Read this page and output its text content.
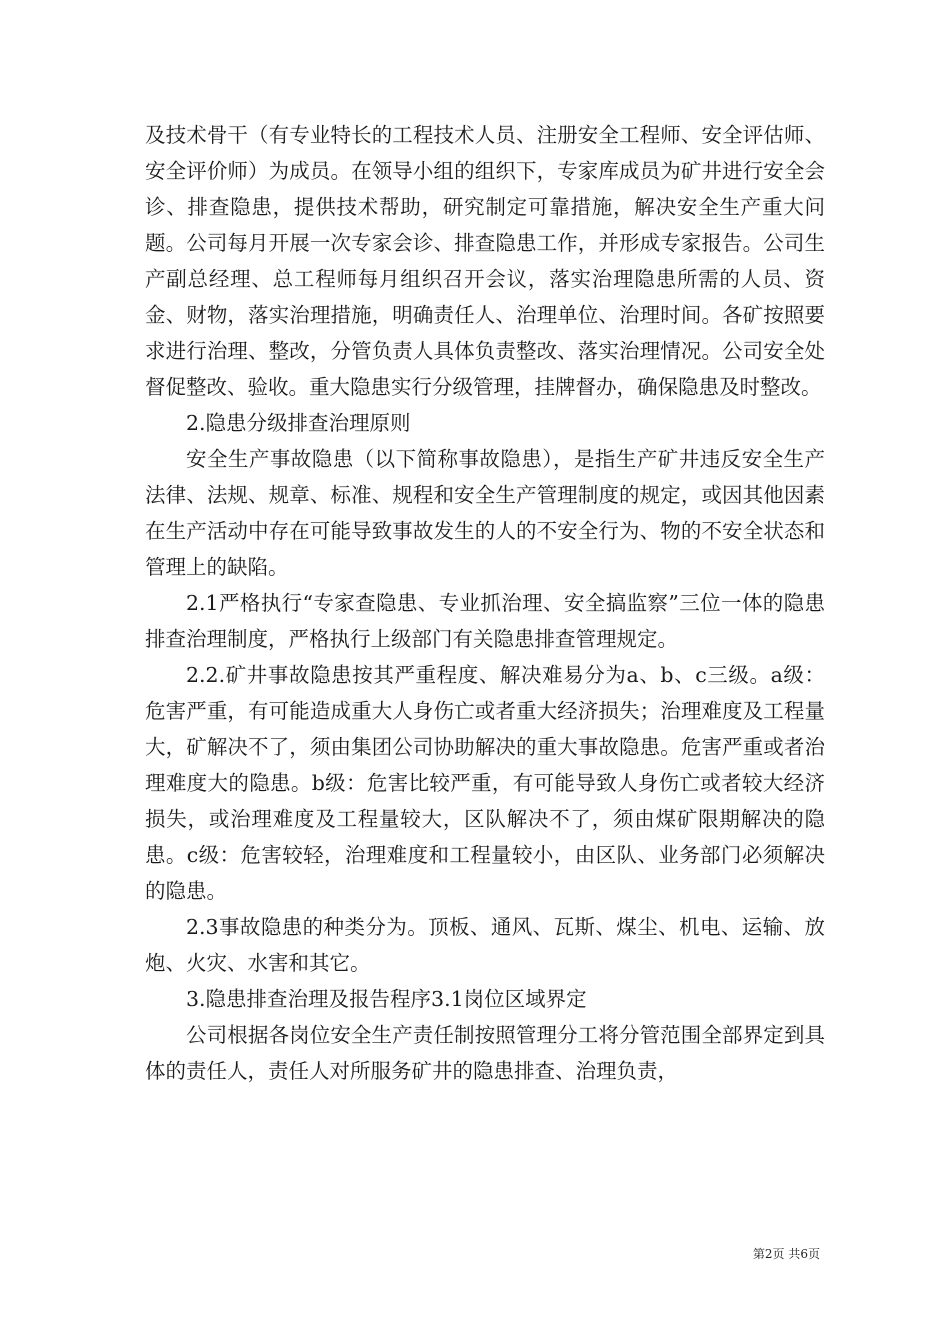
及技术骨干（有专业特长的工程技术人员、注册安全工程师、安全评估师、安全评价师）为成员。在领导小组的组织下，专家库成员为矿井进行安全会诊、排查隐患，提供技术帮助，研究制定可靠措施，解决安全生产重大问题。公司每月开展一次专家会诊、排查隐患工作，并形成专家报告。公司生产副总经理、总工程师每月组织召开会议，落实治理隐患所需的人员、资金、财物，落实治理措施，明确责任人、治理单位、治理时间。各矿按照要求进行治理、整改，分管负责人具体负责整改、落实治理情况。公司安全处督促整改、验收。重大隐患实行分级管理，挂牌督办，确保隐患及时整改。

2.隐患分级排查治理原则

安全生产事故隐患（以下简称事故隐患），是指生产矿井违反安全生产法律、法规、规章、标准、规程和安全生产管理制度的规定，或因其他因素在生产活动中存在可能导致事故发生的人的不安全行为、物的不安全状态和管理上的缺陷。

2.1严格执行“专家查隐患、专业抓治理、安全搞监察”三位一体的隐患排查治理制度，严格执行上级部门有关隐患排查管理规定。

2.2.矿井事故隐患按其严重程度、解决难易分为a、b、c三级。a级：危害严重，有可能造成重大人身伤亡或者重大经济损失；治理难度及工程量大，矿解决不了，须由集团公司协助解决的重大事故隐患。危害严重或者治理难度大的隐患。b级：危害比较严重，有可能导致人身伤亡或者较大经济损失，或治理难度及工程量较大，区队解决不了，须由煤矿限期解决的隐患。c级：危害较轻，治理难度和工程量较小，由区队、业务部门必须解决的隐患。

2.3事故隐患的种类分为。顶板、通风、瓦斯、煤尘、机电、运输、放炮、火灾、水害和其它。

3.隐患排查治理及报告程序3.1岗位区域界定

公司根据各岗位安全生产责任制按照管理分工将分管范围全部界定到具体的责任人，责任人对所服务矿井的隐患排查、治理负责，

第2页 共6页
